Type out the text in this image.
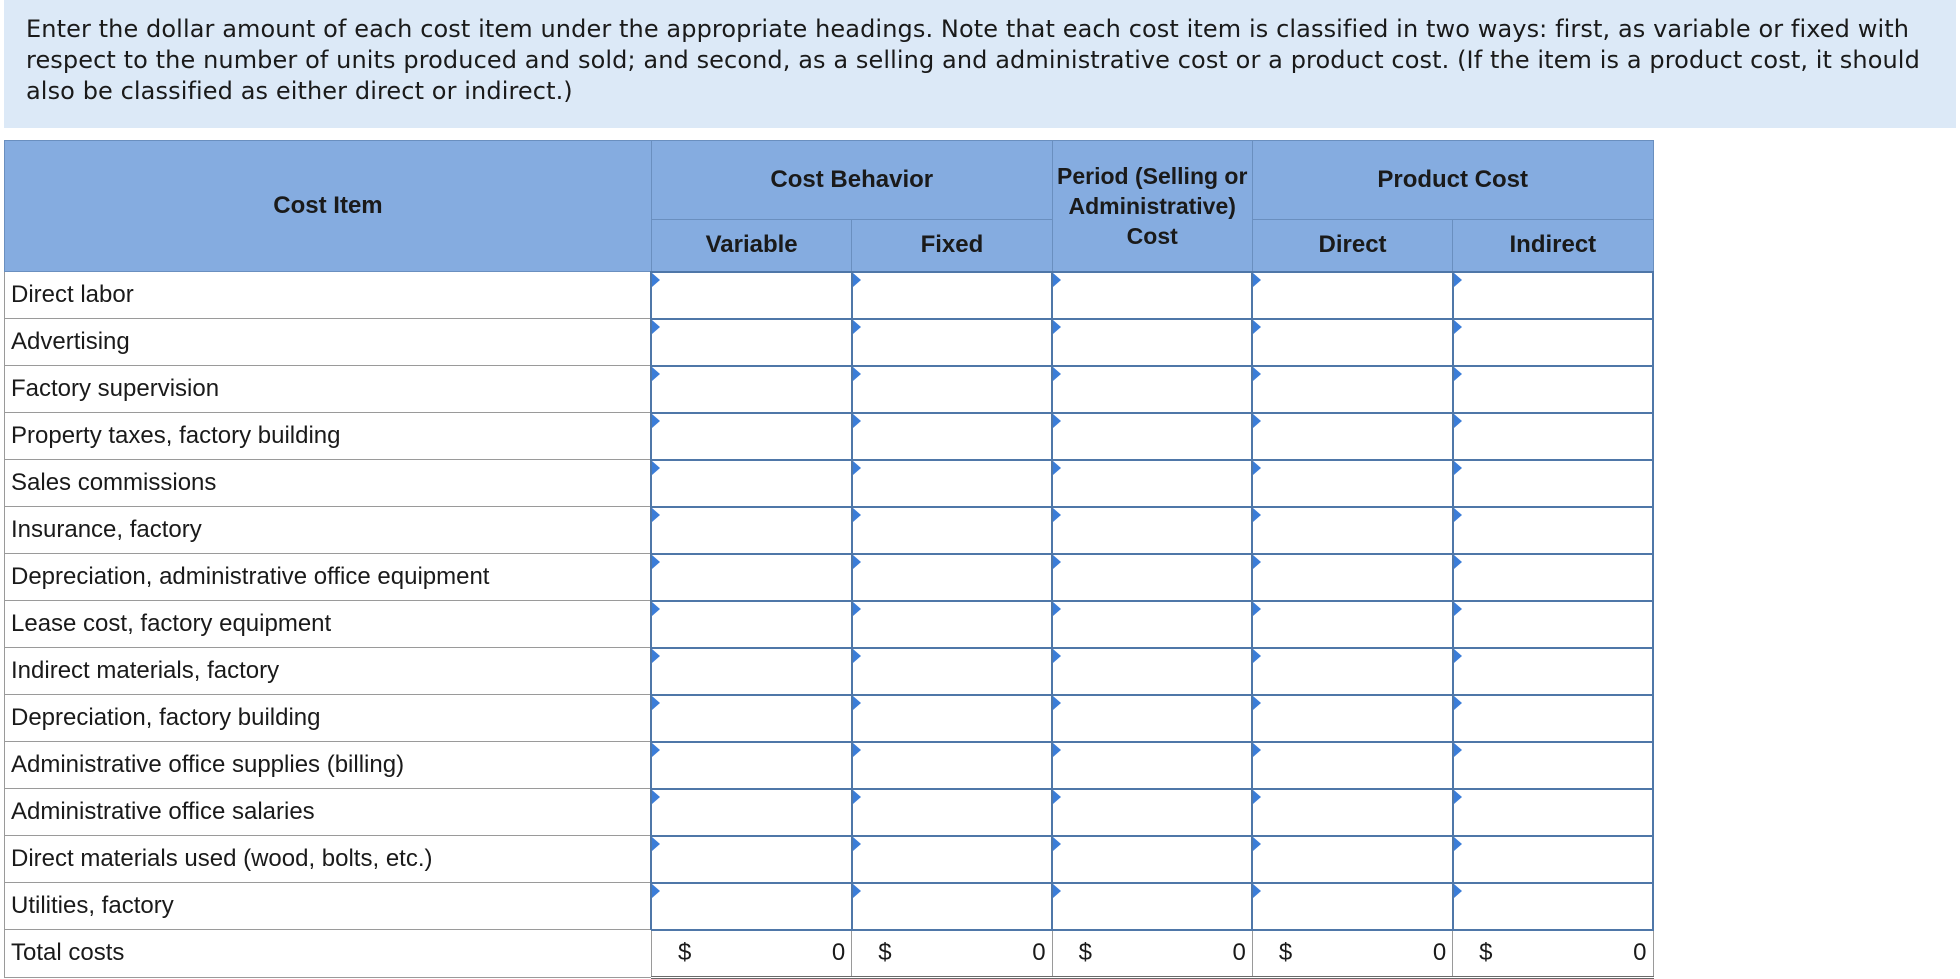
Enter the dollar amount of each cost item under the appropriate headings. Note that each cost item is classified in two ways: first, as variable or fixed with respect to the number of units produced and sold; and second, as a selling and administrative cost or a product cost. (If the item is a product cost, it should also be classified as either direct or indirect.)
Cost Item	Cost Behavior		Period (Selling or Administrative) Cost	Product Cost	
	Variable	Fixed		Direct	Indirect
Direct labor					
Advertising					
Factory supervision					
Property taxes, factory building					
Sales commissions					
Insurance, factory					
Depreciation, administrative office equipment					
Lease cost, factory equipment					
Indirect materials, factory					
Depreciation, factory building					
Administrative office supplies (billing)					
Administrative office salaries					
Direct materials used (wood, bolts, etc.)					
Utilities, factory					
Total costs	$ 0	$ 0	$ 0	$ 0	$ 0
